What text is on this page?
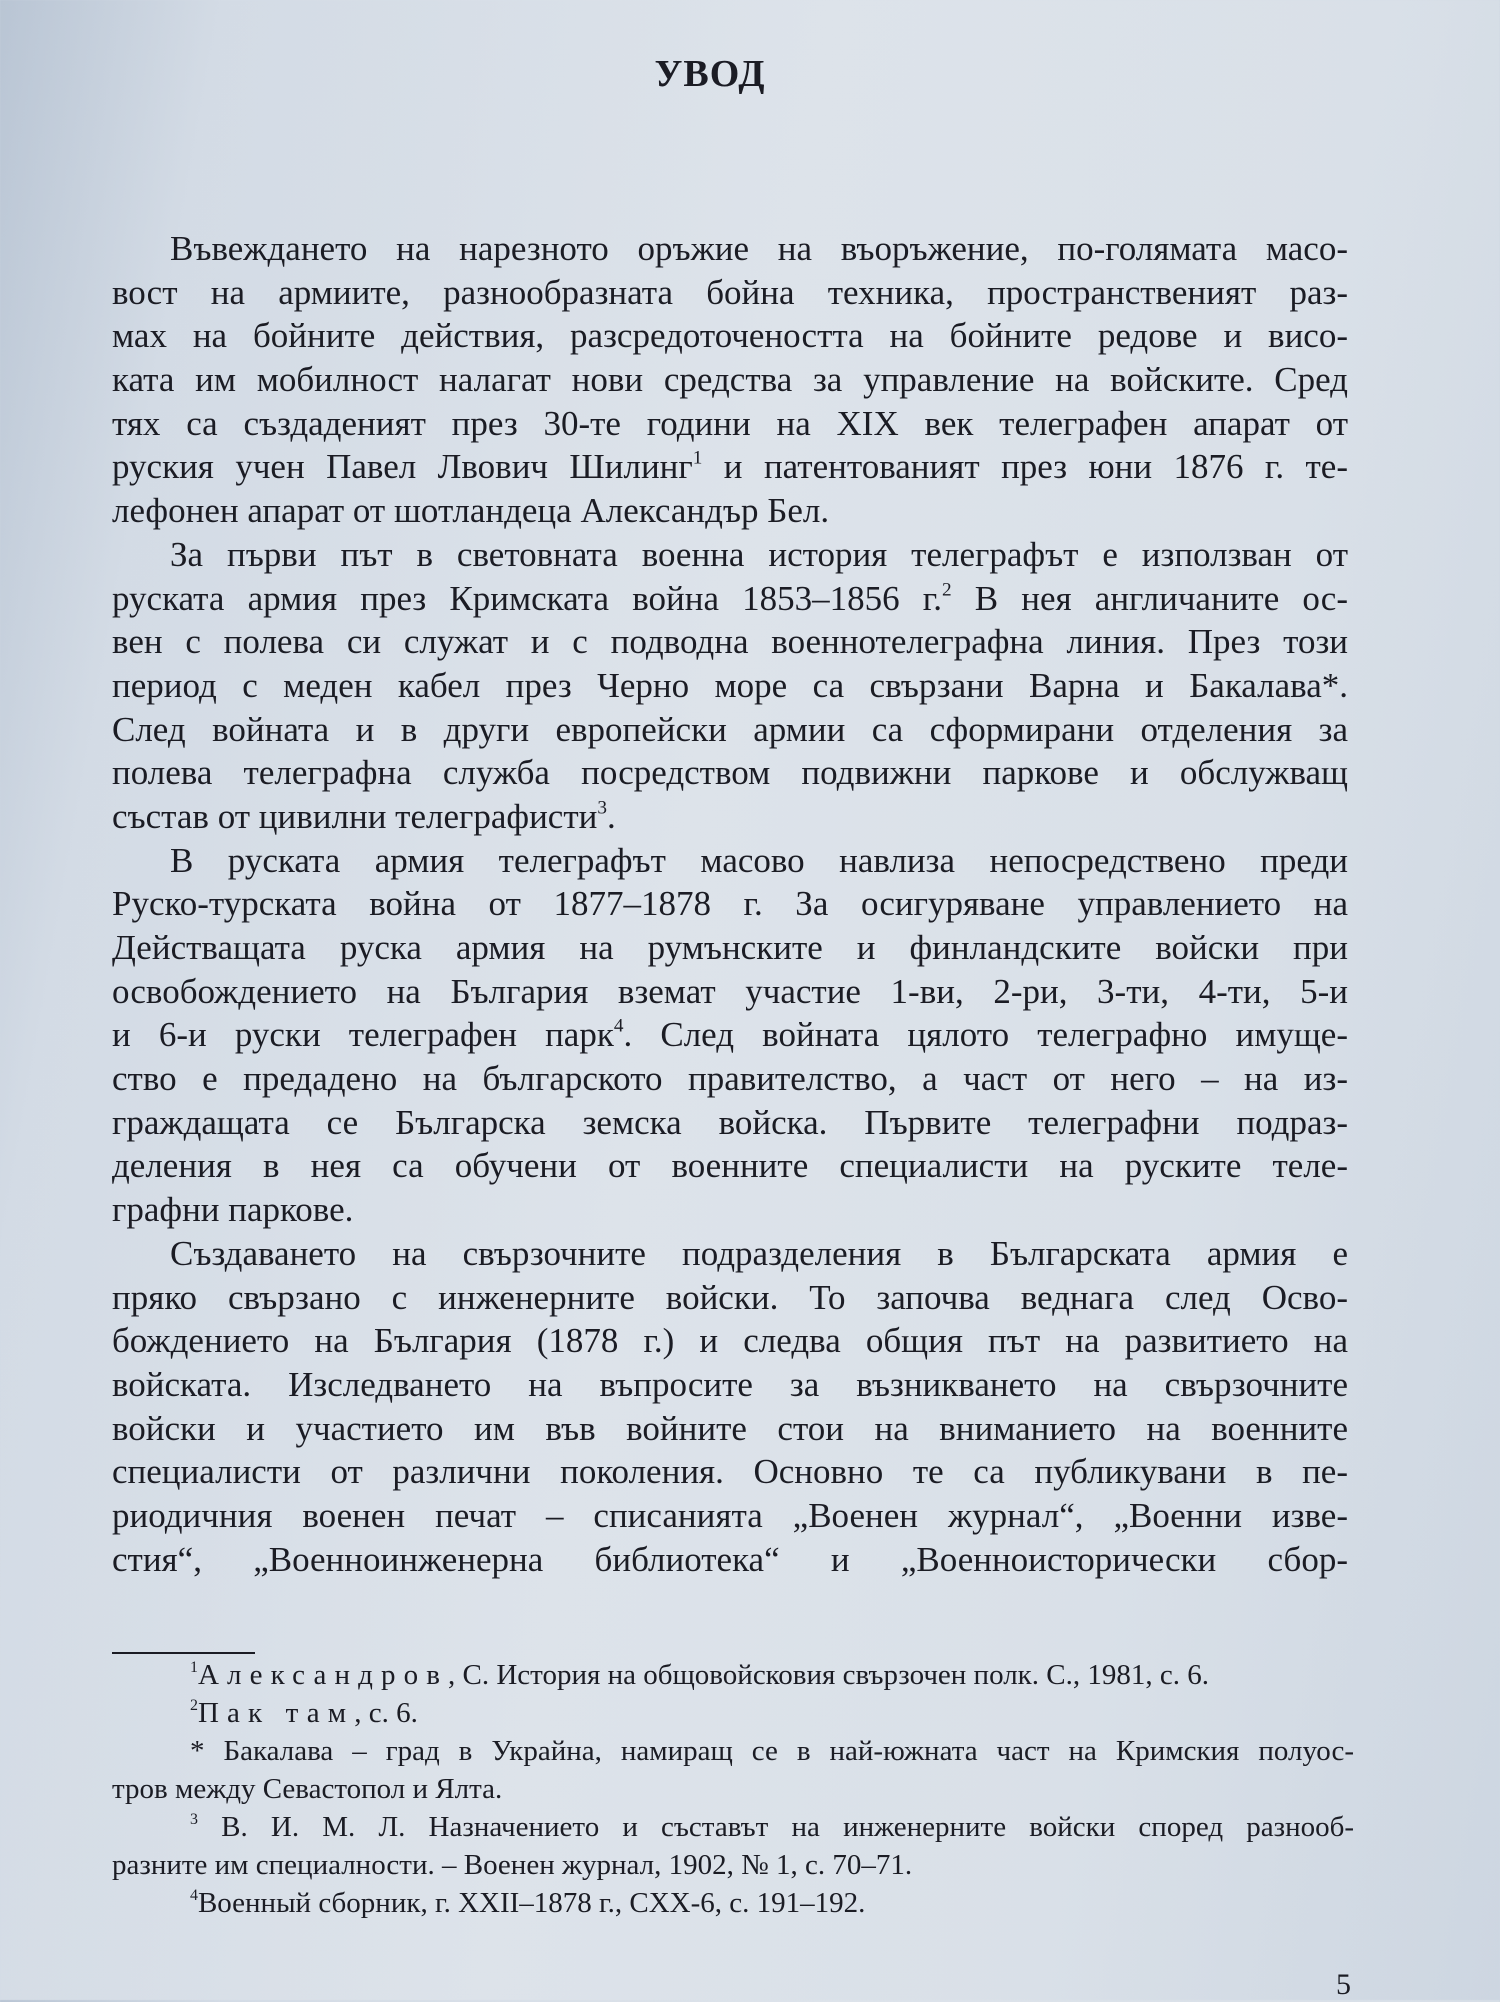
УВОД
Въвеждането на нарезното оръжие на въоръжение, по-голямата масо-
вост на армиите, разнообразната бойна техника, пространственият раз-
мах на бойните действия, разсредоточеността на бойните редове и висо-
ката им мобилност налагат нови средства за управление на войските. Сред
тях са създаденият през 30-те години на XIX век телеграфен апарат от
руския учен Павел Лвович Шилинг$^1$ и патентованият през юни 1876 г. те-
лефонен апарат от шотландеца Александър Бел.
За първи път в световната военна история телеграфът е използван от
руската армия през Кримската война 1853–1856 г.$^2$ В нея англичаните ос-
вен с полева си служат и с подводна военнотелеграфна линия. През този
период с меден кабел през Черно море са свързани Варна и Бакалава*.
След войната и в други европейски армии са сформирани отделения за
полева телеграфна служба посредством подвижни паркове и обслужващ
състав от цивилни телеграфисти$^3$.
В руската армия телеграфът масово навлиза непосредствено преди
Руско-турската война от 1877–1878 г. За осигуряване управлението на
Действащата руска армия на румънските и финландските войски при
освобождението на България вземат участие 1-ви, 2-ри, 3-ти, 4-ти, 5-и
и 6-и руски телеграфен парк$^4$. След войната цялото телеграфно имуще-
ство е предадено на българското правителство, а част от него – на из-
граждащата се Българска земска войска. Първите телеграфни подраз-
деления в нея са обучени от военните специалисти на руските теле-
графни паркове.
Създаването на свързочните подразделения в Българската армия е
пряко свързано с инженерните войски. То започва веднага след Осво-
бождението на България (1878 г.) и следва общия път на развитието на
войската. Изследването на въпросите за възникването на свързочните
войски и участието им във войните стои на вниманието на военните
специалисти от различни поколения. Основно те са публикувани в пе-
риодичния военен печат – списанията „Военен журнал“, „Военни изве-
стия“, „Военноинженерна библиотека“ и „Военноисторически сбор-
$^1$Александров, С. История на общовойсковия свързочен полк. С., 1981, с. 6.
$^2$Пак там, с. 6.
* Бакалава – град в Украйна, намиращ се в най-южната част на Кримския полуос-
тров между Севастопол и Ялта.
$^3$ В. И. М. Л. Назначението и съставът на инженерните войски според разнооб-
разните им специалности. – Военен журнал, 1902, № 1, с. 70–71.
$^4$Военный сборник, г. XXII–1878 г., CXX-6, с. 191–192.
5
